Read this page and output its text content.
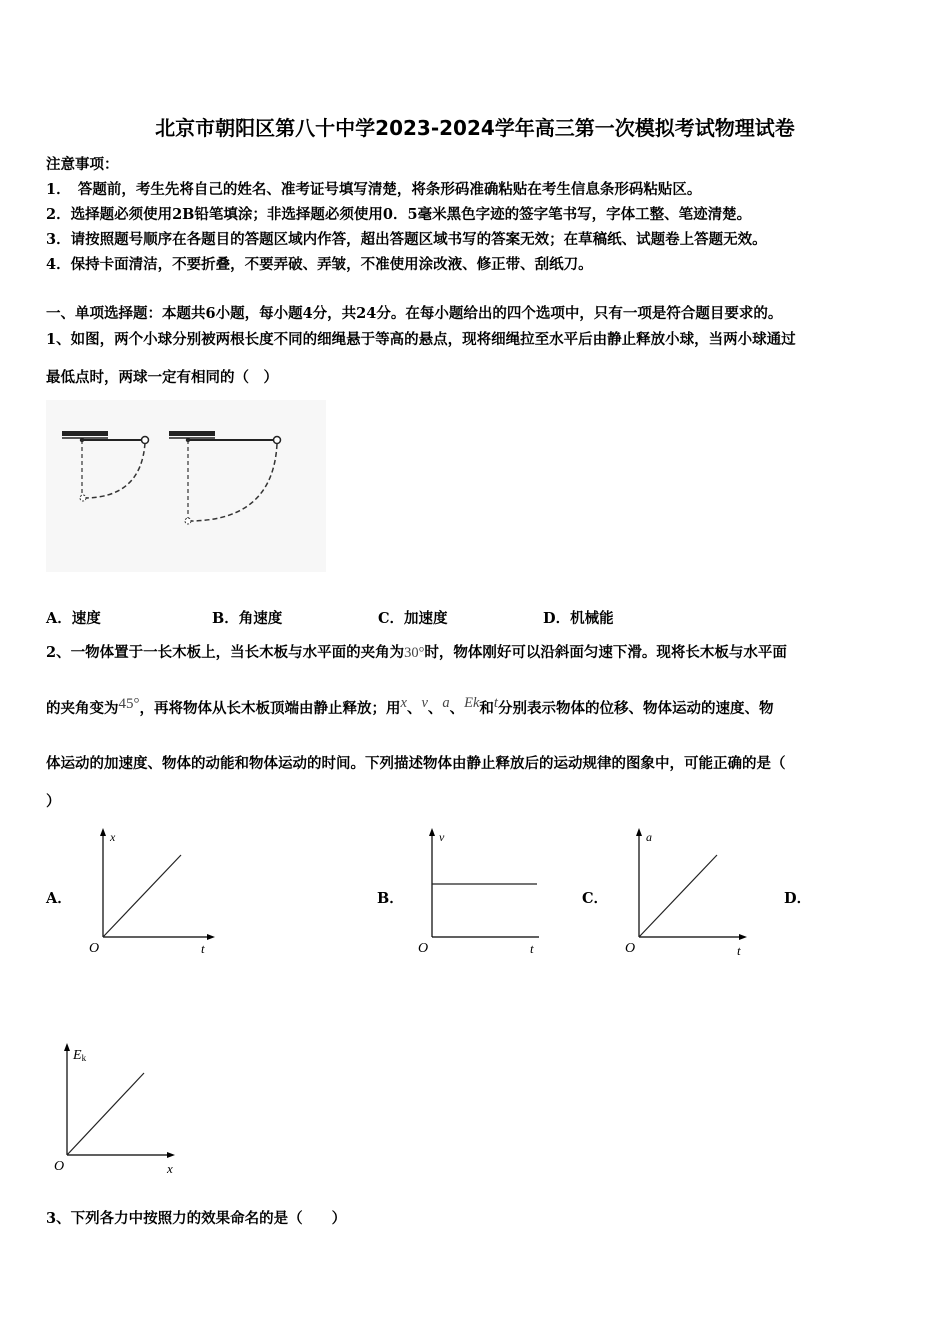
北京市朝阳区第八十中学2023-2024学年高三第一次模拟考试物理试卷
注意事项：
1．　答题前，考生先将自己的姓名、准考证号填写清楚，将条形码准确粘贴在考生信息条形码粘贴区。
2．选择题必须使用2B铅笔填涂；非选择题必须使用0．5毫米黑色字迹的签字笔书写，字体工整、笔迹清楚。
3．请按照题号顺序在各题目的答题区域内作答，超出答题区域书写的答案无效；在草稿纸、试题卷上答题无效。
4．保持卡面清洁，不要折叠，不要弄破、弄皱，不准使用涂改液、修正带、刮纸刀。
一、单项选择题：本题共6小题，每小题4分，共24分。在每小题给出的四个选项中，只有一项是符合题目要求的。
1、如图，两个小球分别被两根长度不同的细绳悬于等高的悬点，现将细绳拉至水平后由静止释放小球，当两小球通过
最低点时，两球一定有相同的（　）
A．速度	B．角速度	C．加速度	D．机械能
2、一物体置于一长木板上，当长木板与水平面的夹角为30°时，物体刚好可以沿斜面匀速下滑。现将长木板与水平面
的夹角变为45°，再将物体从长木板顶端由静止释放；用x、v、a、Ek和t分别表示物体的位移、物体运动的速度、物
体运动的加速度、物体的动能和物体运动的时间。下列描述物体由静止释放后的运动规律的图象中，可能正确的是（
）
A．	B．	C．	D．
x
t
O
v
t
O
a
t
O
Ek
x
O
3、下列各力中按照力的效果命名的是（　　）
